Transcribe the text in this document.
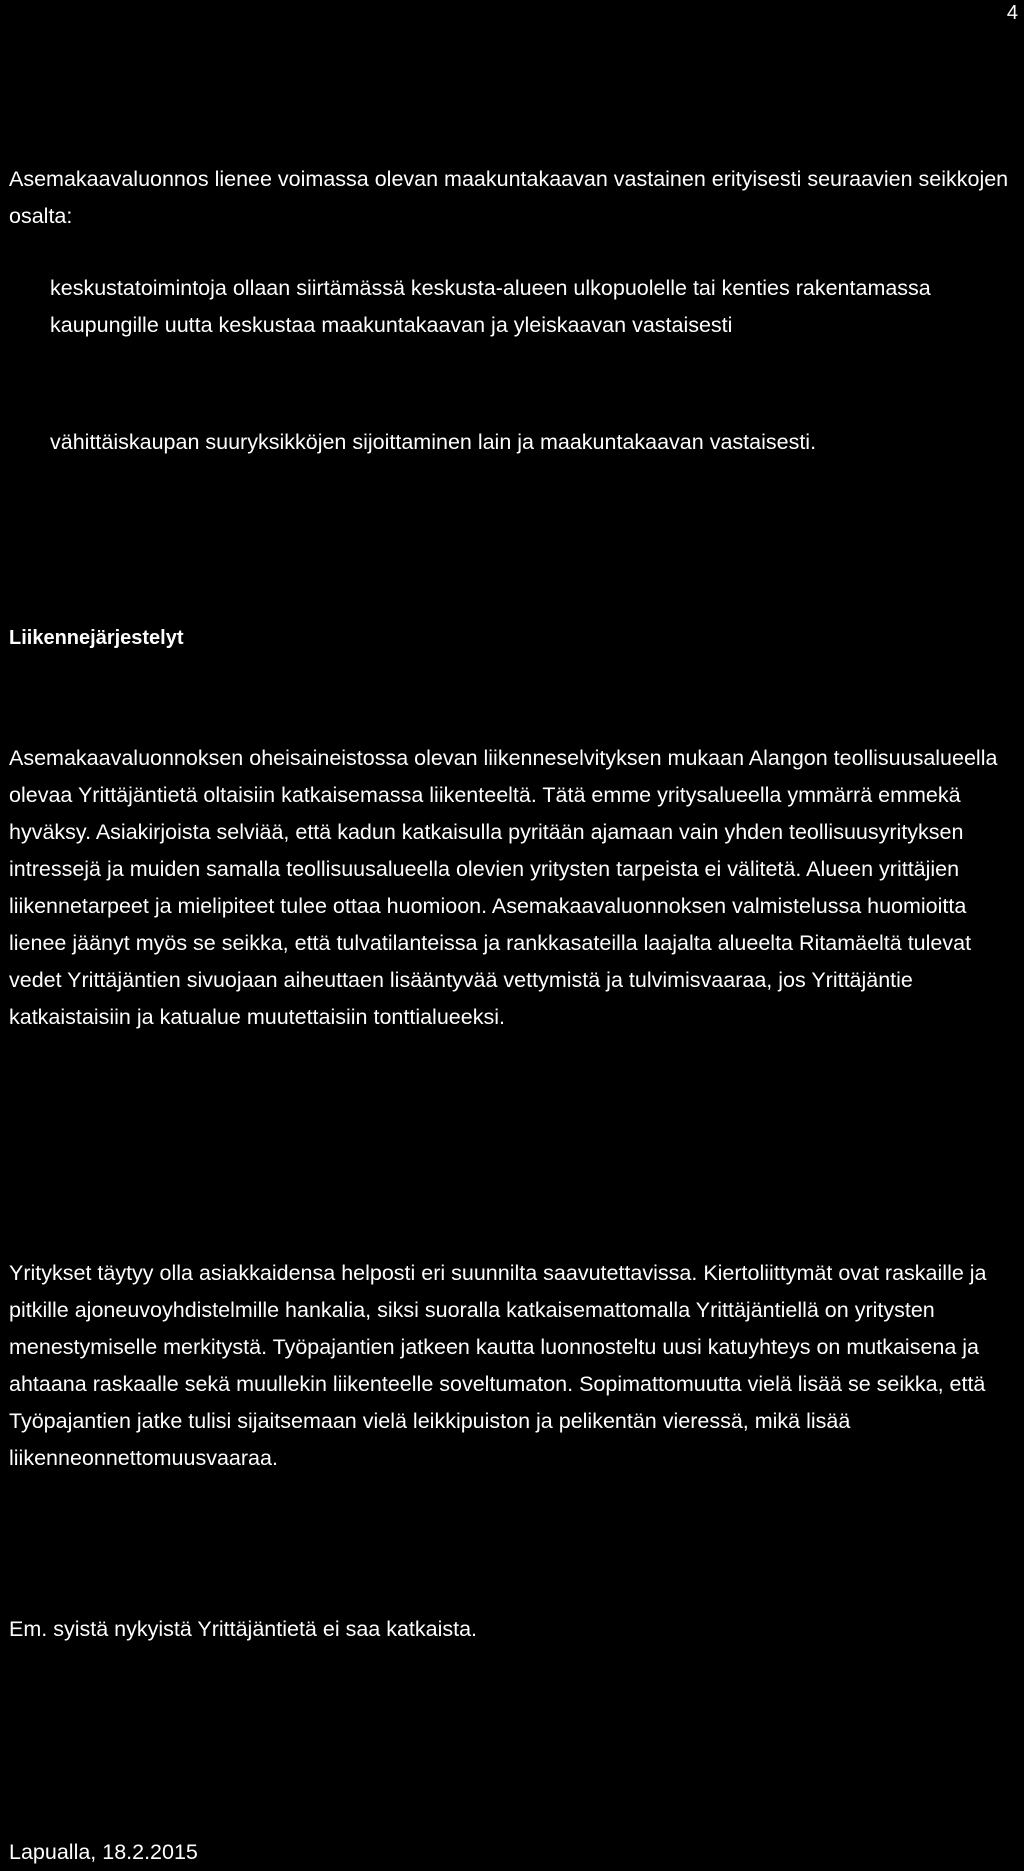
4

Asemakaavaluonnos lienee voimassa olevan maakuntakaavan vastainen erityisesti seuraavien seikkojen osalta:

keskustatoimintoja ollaan siirtämässä keskusta-alueen ulkopuolelle tai kenties rakentamassa kaupungille uutta keskustaa maakuntakaavan ja yleiskaavan vastaisesti

vähittäiskaupan suuryksikköjen sijoittaminen lain ja maakuntakaavan vastaisesti.

Liikennejärjestelyt

Asemakaavaluonnoksen oheisaineistossa olevan liikenneselvityksen mukaan Alangon teollisuusalueella olevaa Yrittäjäntietä oltaisiin katkaisemassa liikenteeltä. Tätä emme yritysalueella ymmärrä emmekä hyväksy. Asiakirjoista selviää, että kadun katkaisulla pyritään ajamaan vain yhden teollisuusyrityksen intressejä ja muiden samalla teollisuusalueella olevien yritysten tarpeista ei välitetä. Alueen yrittäjien liikennetarpeet ja mielipiteet tulee ottaa huomioon. Asemakaavaluonnoksen valmistelussa huomioitta lienee jäänyt myös se seikka, että tulvatilanteissa ja rankkasateilla laajalta alueelta Ritamäeltä tulevat vedet Yrittäjäntien sivuojaan aiheuttaen lisääntyvää vettymistä ja tulvimisvaaraa, jos Yrittäjäntie katkaistaisiin ja katualue muutettaisiin tonttialueeksi.

Yritykset täytyy olla asiakkaidensa helposti eri suunnilta saavutettavissa. Kiertoliittymät ovat raskaille ja pitkille ajoneuvoyhdistelmille hankalia, siksi suoralla katkaisemattomalla Yrittäjäntiellä on yritysten menestymiselle merkitystä. Työpajantien jatkeen kautta luonnosteltu uusi katuyhteys on mutkaisena ja ahtaana raskaalle sekä muullekin liikenteelle soveltumaton. Sopimattomuutta vielä lisää se seikka, että Työpajantien jatke tulisi sijaitsemaan vielä leikkipuiston ja pelikentän vieressä, mikä lisää liikenneonnettomuusvaaraa.

Em. syistä nykyistä Yrittäjäntietä ei saa katkaista.

Lapualla, 18.2.2015
